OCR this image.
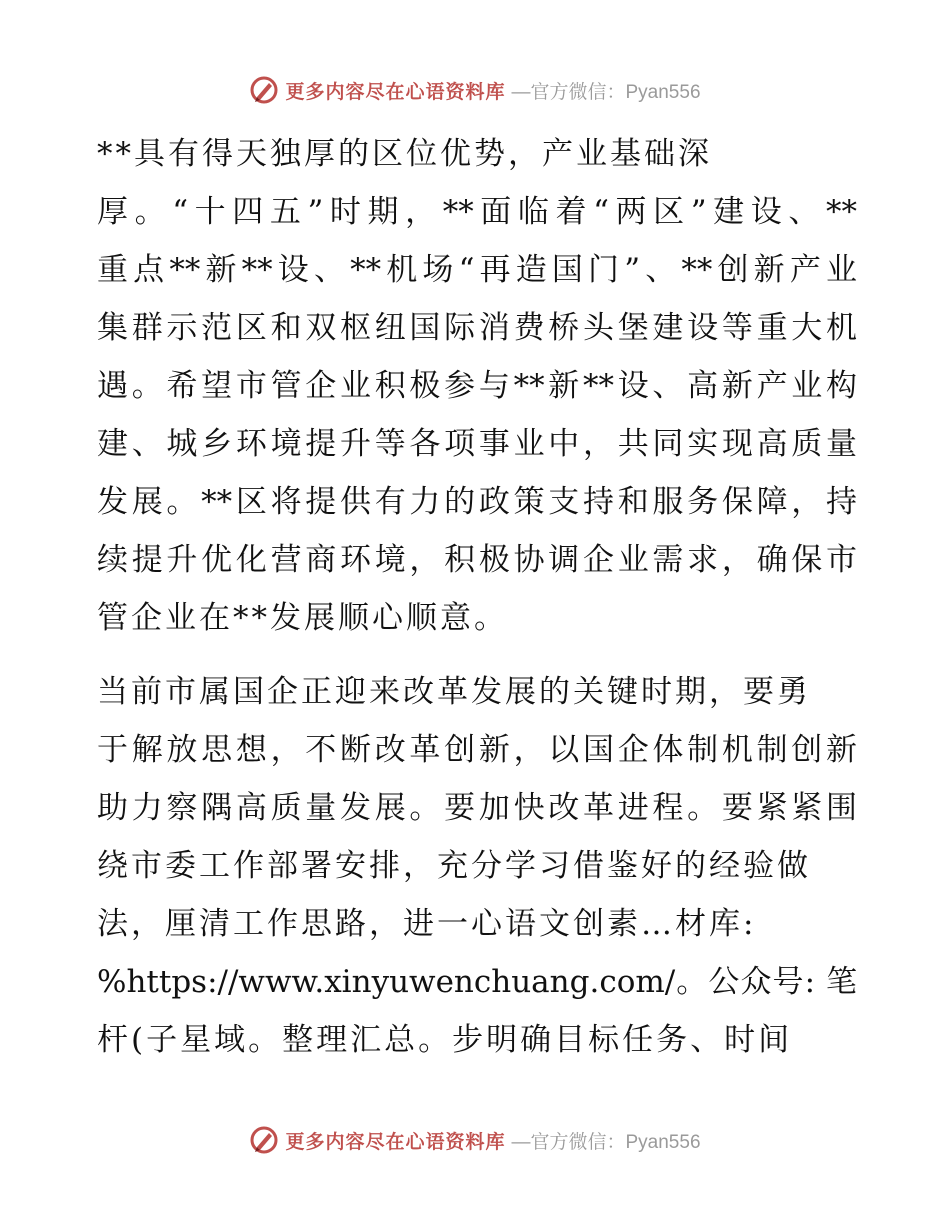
更多内容尽在心语资料库 —官方微信：Pyan556
**具有得天独厚的区位优势，产业基础深
厚。“十四五”时期，**面临着“两区”建设、**
重点**新**设、**机场“再造国门”、**创新产业
集群示范区和双枢纽国际消费桥头堡建设等重大机
遇。希望市管企业积极参与**新**设、高新产业构
建、城乡环境提升等各项事业中，共同实现高质量
发展。**区将提供有力的政策支持和服务保障，持
续提升优化营商环境，积极协调企业需求，确保市
管企业在**发展顺心顺意。
当前市属国企正迎来改革发展的关键时期，要勇
于解放思想，不断改革创新，以国企体制机制创新
助力察隅高质量发展。要加快改革进程。要紧紧围
绕市委工作部署安排，充分学习借鉴好的经验做
法，厘清工作思路，进一心语文创素…材库:
%https://www.xinyuwenchuang.com/。公众号: 笔
杆(子星域。整理汇总。步明确目标任务、时间
更多内容尽在心语资料库 —官方微信：Pyan556
